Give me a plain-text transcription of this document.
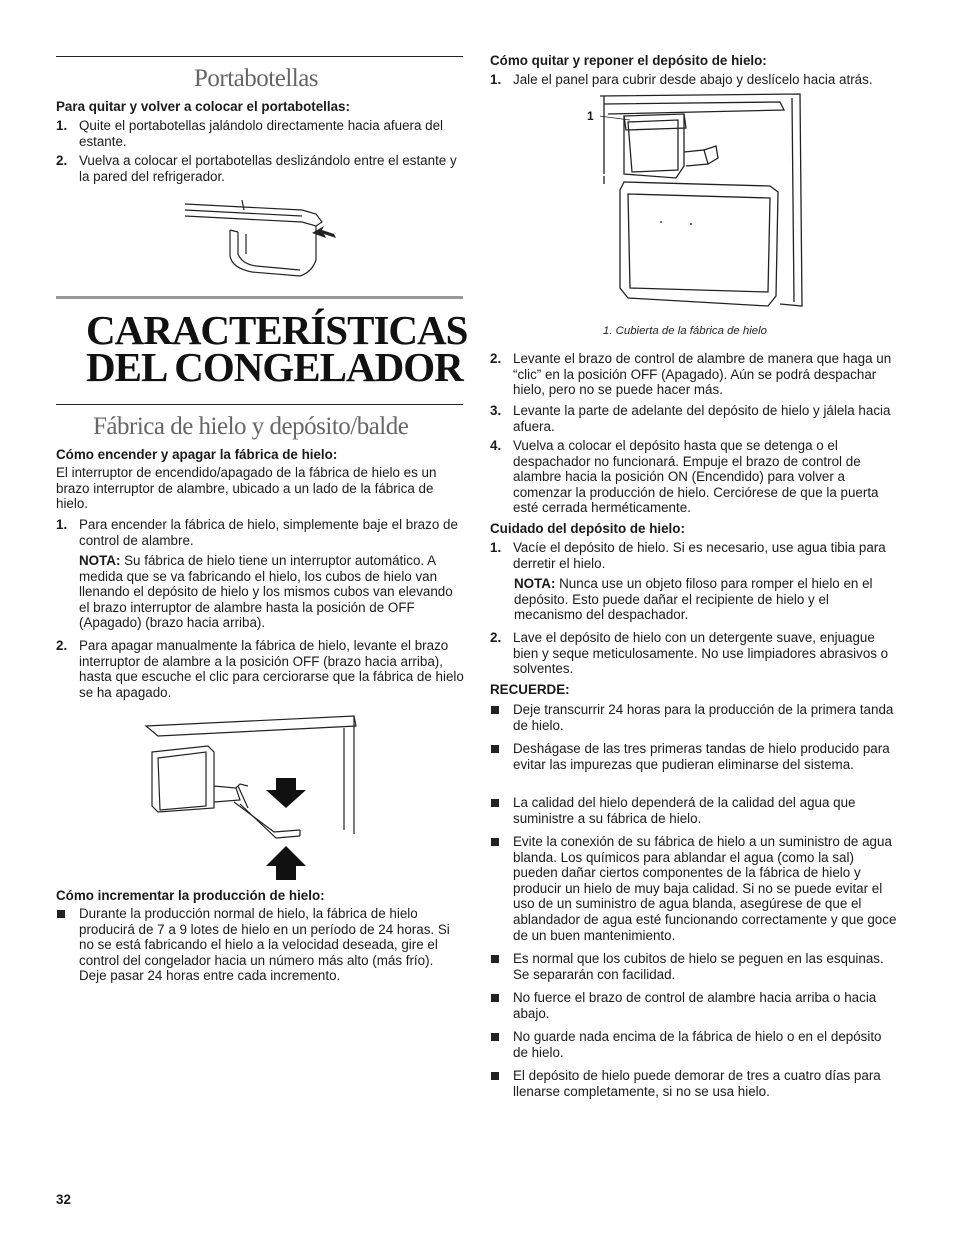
Portabotellas
Para quitar y volver a colocar el portabotellas:
1. Quite el portabotellas jalándolo directamente hacia afuera del estante.
2. Vuelva a colocar el portabotellas deslizándolo entre el estante y la pared del refrigerador.
CARACTERÍSTICAS
DEL CONGELADOR
Fábrica de hielo y depósito/balde
Cómo encender y apagar la fábrica de hielo:
El interruptor de encendido/apagado de la fábrica de hielo es un brazo interruptor de alambre, ubicado a un lado de la fábrica de hielo.
1. Para encender la fábrica de hielo, simplemente baje el brazo de control de alambre.
NOTA: Su fábrica de hielo tiene un interruptor automático. A medida que se va fabricando el hielo, los cubos de hielo van llenando el depósito de hielo y los mismos cubos van elevando el brazo interruptor de alambre hasta la posición de OFF (Apagado) (brazo hacia arriba).
2. Para apagar manualmente la fábrica de hielo, levante el brazo interruptor de alambre a la posición OFF (brazo hacia arriba), hasta que escuche el clic para cerciorarse que la fábrica de hielo se ha apagado.
Cómo incrementar la producción de hielo:
Durante la producción normal de hielo, la fábrica de hielo producirá de 7 a 9 lotes de hielo en un período de 24 horas. Si no se está fabricando el hielo a la velocidad deseada, gire el control del congelador hacia un número más alto (más frío). Deje pasar 24 horas entre cada incremento.
32
Cómo quitar y reponer el depósito de hielo:
1. Jale el panel para cubrir desde abajo y deslícelo hacia atrás.
1
1. Cubierta de la fábrica de hielo
2. Levante el brazo de control de alambre de manera que haga un “clic” en la posición OFF (Apagado). Aún se podrá despachar hielo, pero no se puede hacer más.
3. Levante la parte de adelante del depósito de hielo y jálela hacia afuera.
4. Vuelva a colocar el depósito hasta que se detenga o el despachador no funcionará. Empuje el brazo de control de alambre hacia la posición ON (Encendido) para volver a comenzar la producción de hielo. Cerciórese de que la puerta esté cerrada herméticamente.
Cuidado del depósito de hielo:
1. Vacíe el depósito de hielo. Si es necesario, use agua tibia para derretir el hielo.
NOTA: Nunca use un objeto filoso para romper el hielo en el depósito. Esto puede dañar el recipiente de hielo y el mecanismo del despachador.
2. Lave el depósito de hielo con un detergente suave, enjuague bien y seque meticulosamente. No use limpiadores abrasivos o solventes.
RECUERDE:
Deje transcurrir 24 horas para la producción de la primera tanda de hielo.
Deshágase de las tres primeras tandas de hielo producido para evitar las impurezas que pudieran eliminarse del sistema.
La calidad del hielo dependerá de la calidad del agua que suministre a su fábrica de hielo.
Evite la conexión de su fábrica de hielo a un suministro de agua blanda. Los químicos para ablandar el agua (como la sal) pueden dañar ciertos componentes de la fábrica de hielo y producir un hielo de muy baja calidad. Si no se puede evitar el uso de un suministro de agua blanda, asegúrese de que el ablandador de agua esté funcionando correctamente y que goce de un buen mantenimiento.
Es normal que los cubitos de hielo se peguen en las esquinas. Se separarán con facilidad.
No fuerce el brazo de control de alambre hacia arriba o hacia abajo.
No guarde nada encima de la fábrica de hielo o en el depósito de hielo.
El depósito de hielo puede demorar de tres a cuatro días para llenarse completamente, si no se usa hielo.
